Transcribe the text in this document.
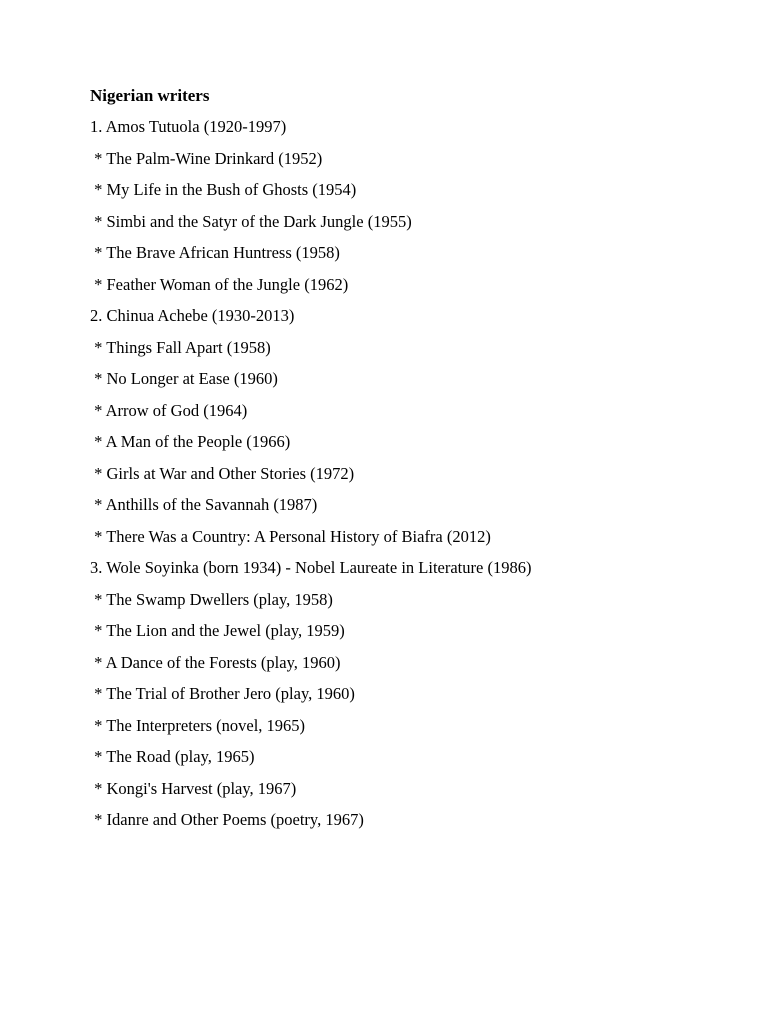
Nigerian writers

1. Amos Tutuola (1920-1997)

* The Palm-Wine Drinkard (1952)

* My Life in the Bush of Ghosts (1954)

* Simbi and the Satyr of the Dark Jungle (1955)

* The Brave African Huntress (1958)

* Feather Woman of the Jungle (1962)

2. Chinua Achebe (1930-2013)

* Things Fall Apart (1958)

* No Longer at Ease (1960)

* Arrow of God (1964)

* A Man of the People (1966)

* Girls at War and Other Stories (1972)

* Anthills of the Savannah (1987)

* There Was a Country: A Personal History of Biafra (2012)

3. Wole Soyinka (born 1934) - Nobel Laureate in Literature (1986)

* The Swamp Dwellers (play, 1958)

* The Lion and the Jewel (play, 1959)

* A Dance of the Forests (play, 1960)

* The Trial of Brother Jero (play, 1960)

* The Interpreters (novel, 1965)

* The Road (play, 1965)

* Kongi's Harvest (play, 1967)

* Idanre and Other Poems (poetry, 1967)
